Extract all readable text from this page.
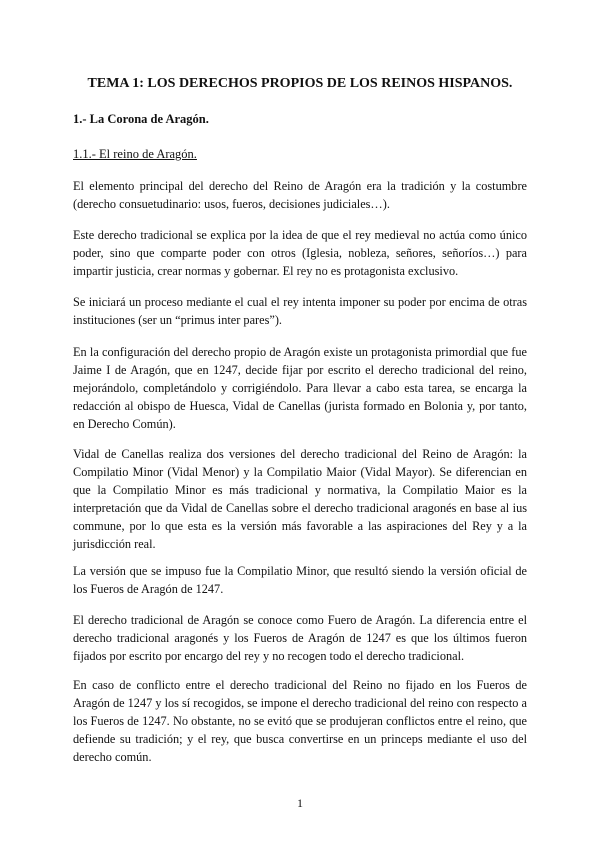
TEMA 1: LOS DERECHOS PROPIOS DE LOS REINOS HISPANOS.
1.- La Corona de Aragón.
1.1.- El reino de Aragón.

El elemento principal del derecho del Reino de Aragón era la tradición y la costumbre (derecho consuetudinario: usos, fueros, decisiones judiciales…).

Este derecho tradicional se explica por la idea de que el rey medieval no actúa como único poder, sino que comparte poder con otros (Iglesia, nobleza, señores, señoríos…) para impartir justicia, crear normas y gobernar. El rey no es protagonista exclusivo.

Se iniciará un proceso mediante el cual el rey intenta imponer su poder por encima de otras instituciones (ser un “primus inter pares”).

En la configuración del derecho propio de Aragón existe un protagonista primordial que fue Jaime I de Aragón, que en 1247, decide fijar por escrito el derecho tradicional del reino, mejorándolo, completándolo y corrigiéndolo. Para llevar a cabo esta tarea, se encarga la redacción al obispo de Huesca, Vidal de Canellas (jurista formado en Bolonia y, por tanto, en Derecho Común).

Vidal de Canellas realiza dos versiones del derecho tradicional del Reino de Aragón: la Compilatio Minor (Vidal Menor) y la Compilatio Maior (Vidal Mayor). Se diferencian en que la Compilatio Minor es más tradicional y normativa, la Compilatio Maior es la interpretación que da Vidal de Canellas sobre el derecho tradicional aragonés en base al ius commune, por lo que esta es la versión más favorable a las aspiraciones del Rey y a la jurisdicción real.

La versión que se impuso fue la Compilatio Minor, que resultó siendo la versión oficial de los Fueros de Aragón de 1247.

El derecho tradicional de Aragón se conoce como Fuero de Aragón. La diferencia entre el derecho tradicional aragonés y los Fueros de Aragón de 1247 es que los últimos fueron fijados por escrito por encargo del rey y no recogen todo el derecho tradicional.

En caso de conflicto entre el derecho tradicional del Reino no fijado en los Fueros de Aragón de 1247 y los sí recogidos, se impone el derecho tradicional del reino con respecto a los Fueros de 1247. No obstante, no se evitó que se produjeran conflictos entre el reino, que defiende su tradición; y el rey, que busca convertirse en un princeps mediante el uso del derecho común.

1
